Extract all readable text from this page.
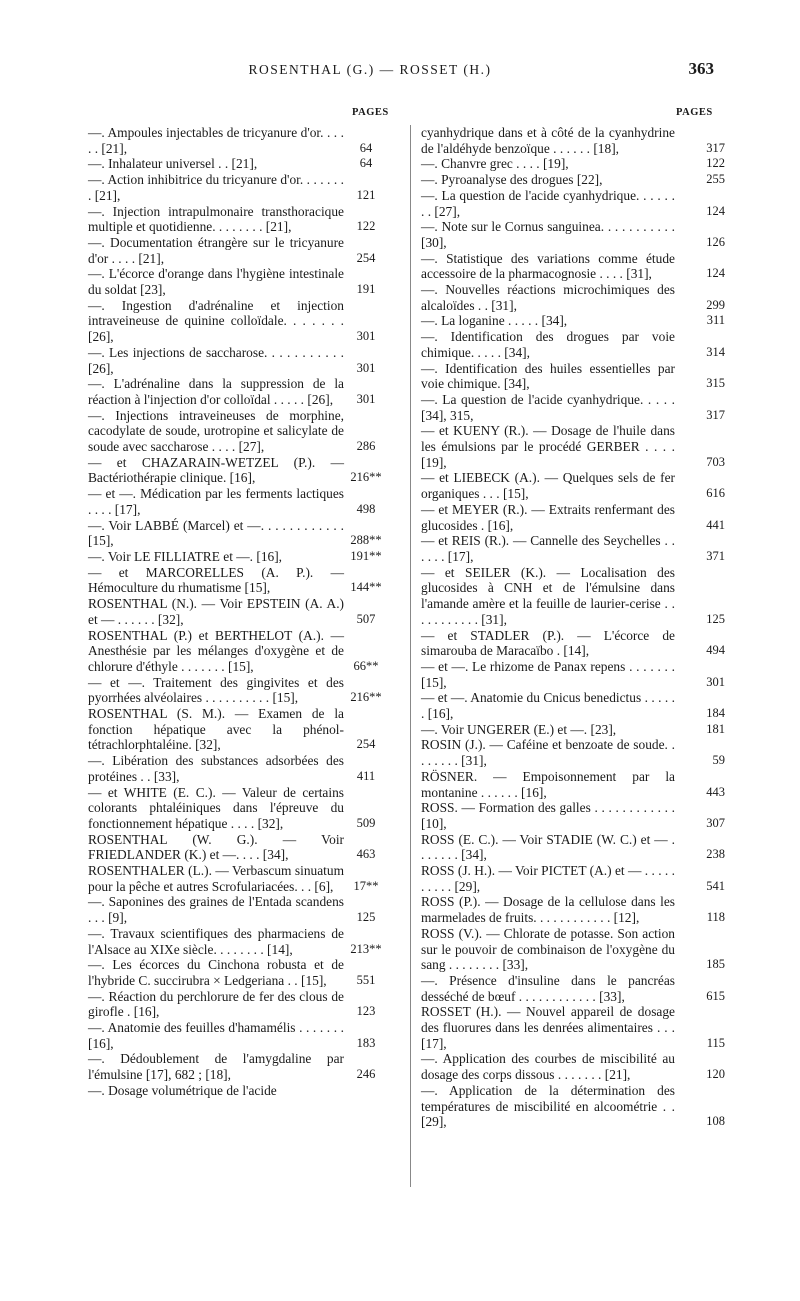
ROSENTHAL (G.) — ROSSET (H.)	363
PAGES	PAGES
—. Ampoules injectables de tricyanure d'or. . . . . . [21],	64
—. Inhalateur universel . . [21],	64
—. Action inhibitrice du tricyanure d'or. . . . . . . . [21],	121
—. Injection intrapulmonaire transthoracique multiple et quotidienne. . . . . . . . [21],	122
—. Documentation étrangère sur le tricyanure d'or . . . . [21],	254
—. L'écorce d'orange dans l'hygiène intestinale du soldat [23],	191
—. Ingestion d'adrénaline et injection intraveineuse de quinine colloïdale. . . . . . . [26],	301
—. Les injections de saccharose. . . . . . . . . . . [26],	301
—. L'adrénaline dans la suppression de la réaction à l'injection d'or colloïdal . . . . . [26],	301
—. Injections intraveineuses de morphine, cacodylate de soude, urotropine et salicylate de soude avec saccharose . . . . [27],	286
— et CHAZARAIN-WETZEL (P.). — Bactériothérapie clinique. [16],	216**
— et —. Médication par les ferments lactiques . . . . [17],	498
—. Voir LABBÉ (Marcel) et —. . . . . . . . . . . . [15],	288**
—. Voir LE FILLIATRE et —. [16],	191**
— et MARCORELLES (A. P.). — Hémoculture du rhumatisme [15],	144**
ROSENTHAL (N.). — Voir EPSTEIN (A. A.) et — . . . . . . [32],	507
ROSENTHAL (P.) et BERTHELOT (A.). — Anesthésie par les mélanges d'oxygène et de chlorure d'éthyle . . . . . . . [15],	66**
— et —. Traitement des gingivites et des pyorrhées alvéolaires . . . . . . . . . . [15],	216**
ROSENTHAL (S. M.). — Examen de la fonction hépatique avec la phénol-tétrachlorphtaléine. [32],	254
—. Libération des substances adsorbées des protéines . . [33],	411
— et WHITE (E. C.). — Valeur de certains colorants phtaléiniques dans l'épreuve du fonctionnement hépatique . . . . [32],	509
ROSENTHAL (W. G.). — Voir FRIEDLANDER (K.) et —. . . . [34],	463
ROSENTHALER (L.). — Verbascum sinuatum pour la pêche et autres Scrofulariacées. . . [6],	17**
—. Saponines des graines de l'Entada scandens . . . [9],	125
—. Travaux scientifiques des pharmaciens de l'Alsace au XIXe siècle. . . . . . . . [14],	213**
—. Les écorces du Cinchona robusta et de l'hybride C. succirubra × Ledgeriana . . [15],	551
—. Réaction du perchlorure de fer des clous de girofle . [16],	123
—. Anatomie des feuilles d'hamamélis . . . . . . . [16],	183
—. Dédoublement de l'amygdaline par l'émulsine [17], 682 ; [18],	246
—. Dosage volumétrique de l'acide
cyanhydrique dans et à côté de la cyanhydrine de l'aldéhyde benzoïque . . . . . . [18],	317
—. Chanvre grec . . . . [19],	122
—. Pyroanalyse des drogues [22],	255
—. La question de l'acide cyanhydrique. . . . . . . . [27],	124
—. Note sur le Cornus sanguinea. . . . . . . . . . . [30],	126
—. Statistique des variations comme étude accessoire de la pharmacognosie . . . . [31],	124
—. Nouvelles réactions microchimiques des alcaloïdes . . [31],	299
—. La loganine . . . . . [34],	311
—. Identification des drogues par voie chimique. . . . . [34],	314
—. Identification des huiles essentielles par voie chimique. [34],	315
—. La question de l'acide cyanhydrique. . . . . [34], 315,	317
— et KUENY (R.). — Dosage de l'huile dans les émulsions par le procédé GERBER . . . . [19],	703
— et LIEBECK (A.). — Quelques sels de fer organiques . . . [15],	616
— et MEYER (R.). — Extraits renfermant des glucosides . [16],	441
— et REIS (R.). — Cannelle des Seychelles . . . . . . [17],	371
— et SEILER (K.). — Localisation des glucosides à CNH et de l'émulsine dans l'amande amère et la feuille de laurier-cerise . . . . . . . . . . . [31],	125
— et STADLER (P.). — L'écorce de simarouba de Maracaïbo . [14],	494
— et —. Le rhizome de Panax repens . . . . . . . [15],	301
— et —. Anatomie du Cnicus benedictus . . . . . . [16],	184
—. Voir UNGERER (E.) et —. [23],	181
ROSIN (J.). — Caféine et benzoate de soude. . . . . . . . [31],	59
RÖSNER. — Empoisonnement par la montanine . . . . . . [16],	443
ROSS. — Formation des galles . . . . . . . . . . . . [10],	307
ROSS (E. C.). — Voir STADIE (W. C.) et — . . . . . . . [34],	238
ROSS (J. H.). — Voir PICTET (A.) et — . . . . . . . . . . [29],	541
ROSS (P.). — Dosage de la cellulose dans les marmelades de fruits. . . . . . . . . . . . [12],	118
ROSS (V.). — Chlorate de potasse. Son action sur le pouvoir de combinaison de l'oxygène du sang . . . . . . . . [33],	185
—. Présence d'insuline dans le pancréas desséché de bœuf . . . . . . . . . . . . [33],	615
ROSSET (H.). — Nouvel appareil de dosage des fluorures dans les denrées alimentaires . . . [17],	115
—. Application des courbes de miscibilité au dosage des corps dissous . . . . . . . [21],	120
—. Application de la détermination des températures de miscibilité en alcoométrie . . [29],	108
